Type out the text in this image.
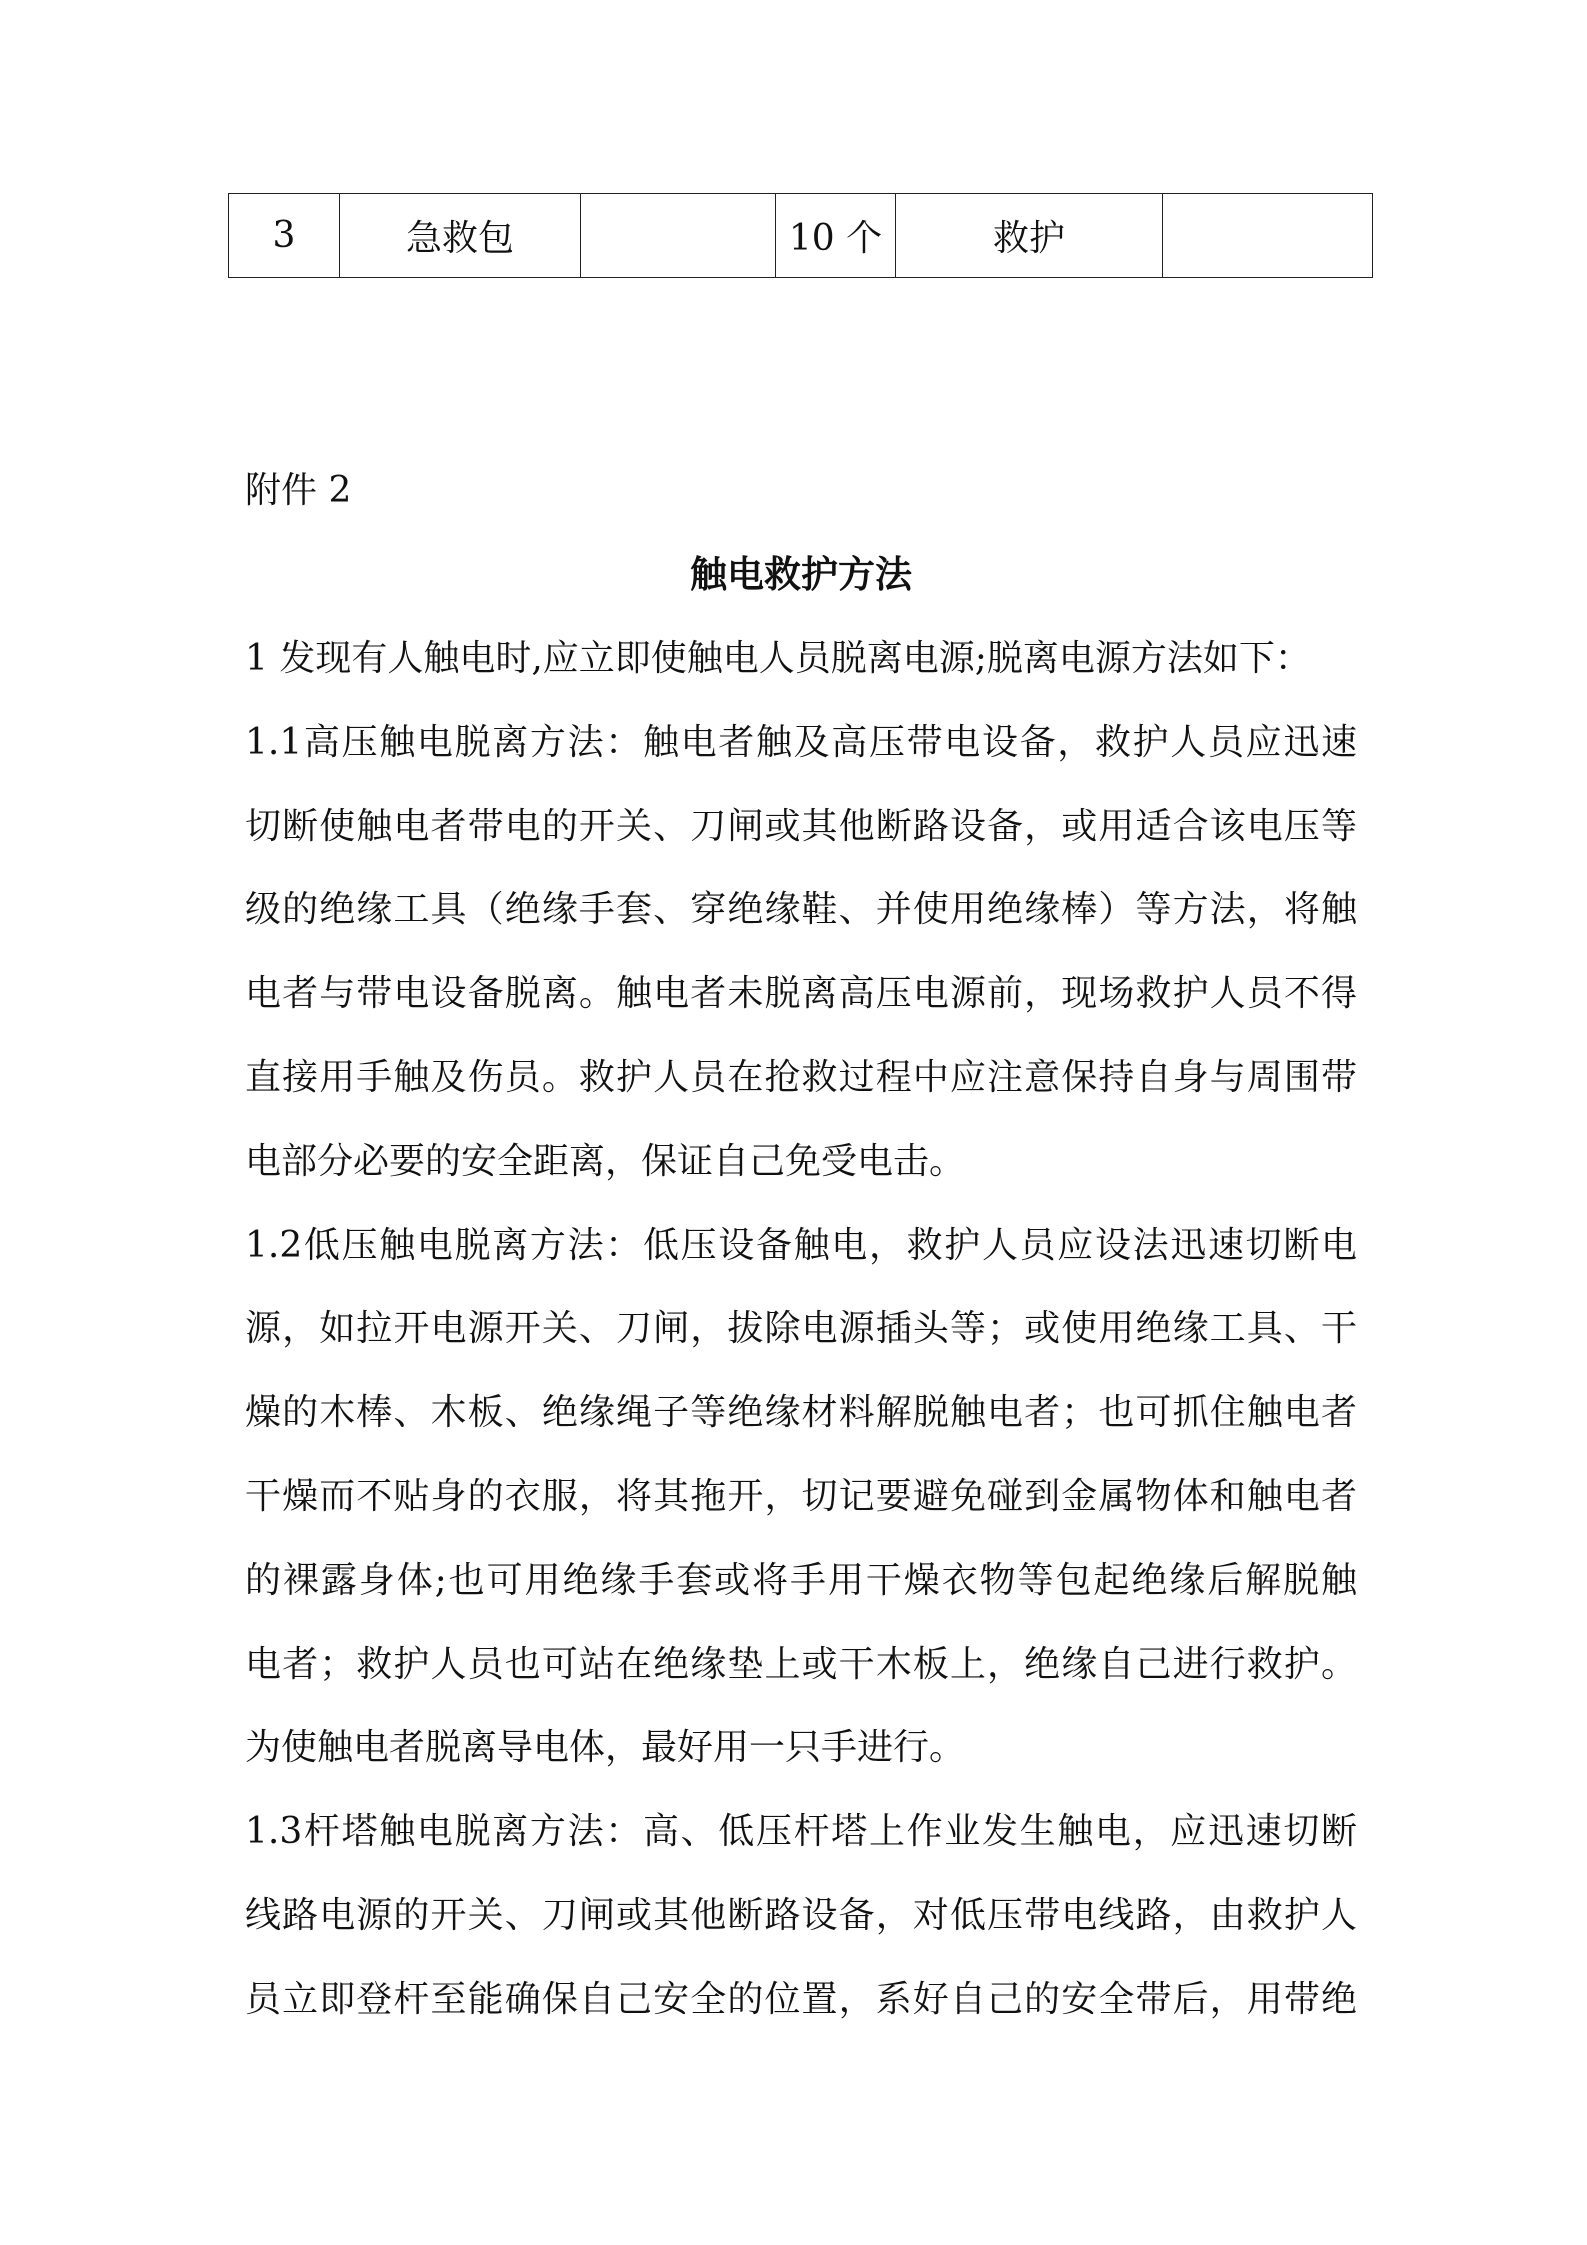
3	急救包		10 个	救护	
附件 2
触电救护方法
1 发现有人触电时,应立即使触电人员脱离电源;脱离电源方法如下：
1.1高压触电脱离方法：触电者触及高压带电设备，救护人员应迅速
切断使触电者带电的开关、刀闸或其他断路设备，或用适合该电压等
级的绝缘工具（绝缘手套、穿绝缘鞋、并使用绝缘棒）等方法，将触
电者与带电设备脱离。触电者未脱离高压电源前，现场救护人员不得
直接用手触及伤员。救护人员在抢救过程中应注意保持自身与周围带
电部分必要的安全距离，保证自己免受电击。
1.2低压触电脱离方法：低压设备触电，救护人员应设法迅速切断电
源，如拉开电源开关、刀闸，拔除电源插头等；或使用绝缘工具、干
燥的木棒、木板、绝缘绳子等绝缘材料解脱触电者；也可抓住触电者
干燥而不贴身的衣服，将其拖开，切记要避免碰到金属物体和触电者
的裸露身体;也可用绝缘手套或将手用干燥衣物等包起绝缘后解脱触
电者；救护人员也可站在绝缘垫上或干木板上，绝缘自己进行救护。
为使触电者脱离导电体，最好用一只手进行。
1.3杆塔触电脱离方法：高、低压杆塔上作业发生触电，应迅速切断
线路电源的开关、刀闸或其他断路设备，对低压带电线路，由救护人
员立即登杆至能确保自己安全的位置，系好自己的安全带后，用带绝
